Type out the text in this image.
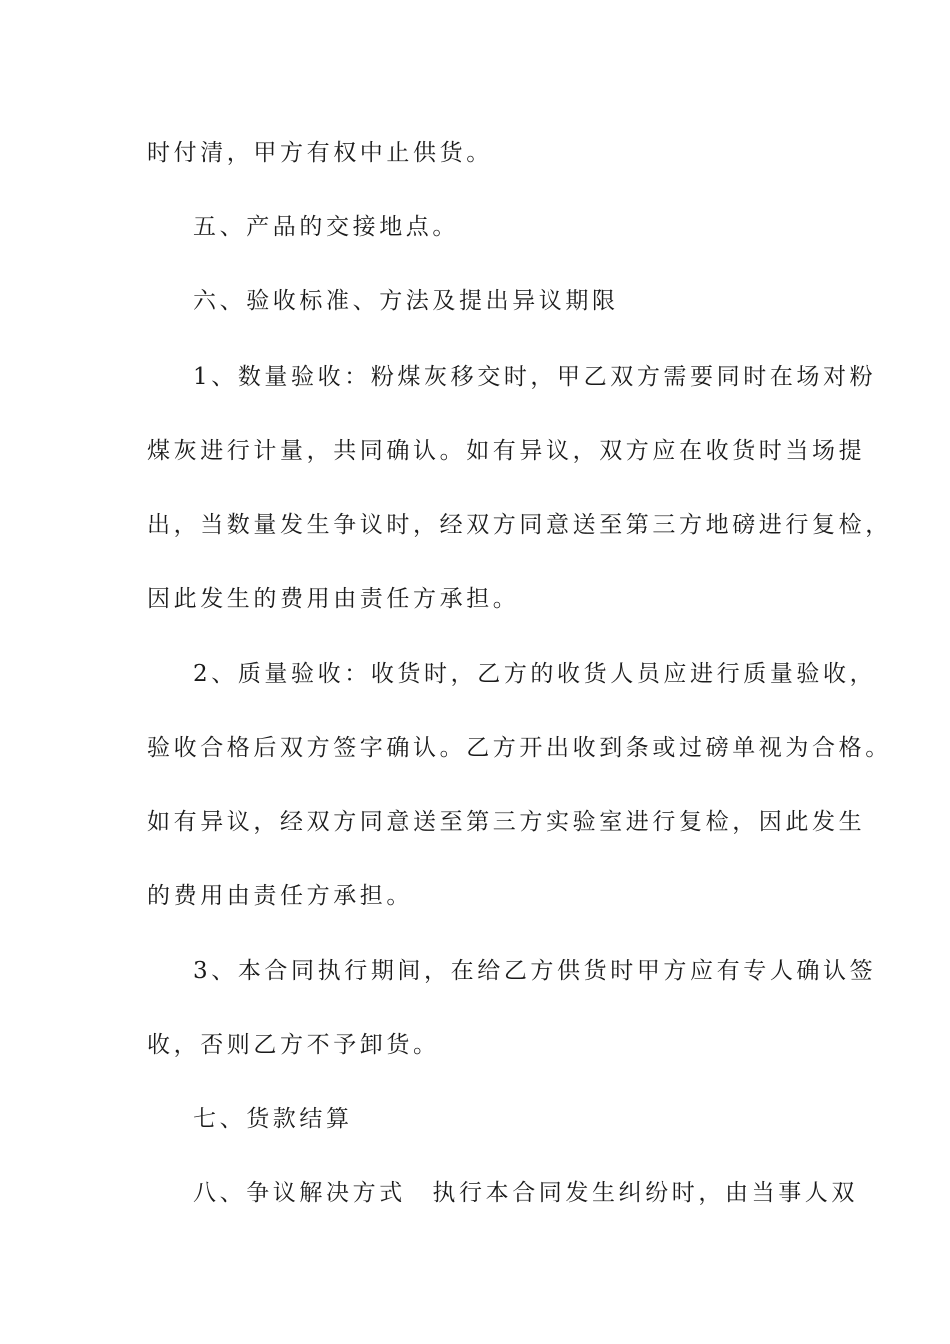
时付清，甲方有权中止供货。
五、产品的交接地点。
六、验收标准、方法及提出异议期限
1、数量验收：粉煤灰移交时，甲乙双方需要同时在场对粉
煤灰进行计量，共同确认。如有异议，双方应在收货时当场提
出，当数量发生争议时，经双方同意送至第三方地磅进行复检，
因此发生的费用由责任方承担。
2、质量验收：收货时，乙方的收货人员应进行质量验收，
验收合格后双方签字确认。乙方开出收到条或过磅单视为合格。
如有异议，经双方同意送至第三方实验室进行复检，因此发生
的费用由责任方承担。
3、本合同执行期间，在给乙方供货时甲方应有专人确认签
收，否则乙方不予卸货。
七、货款结算
八、争议解决方式　执行本合同发生纠纷时，由当事人双
